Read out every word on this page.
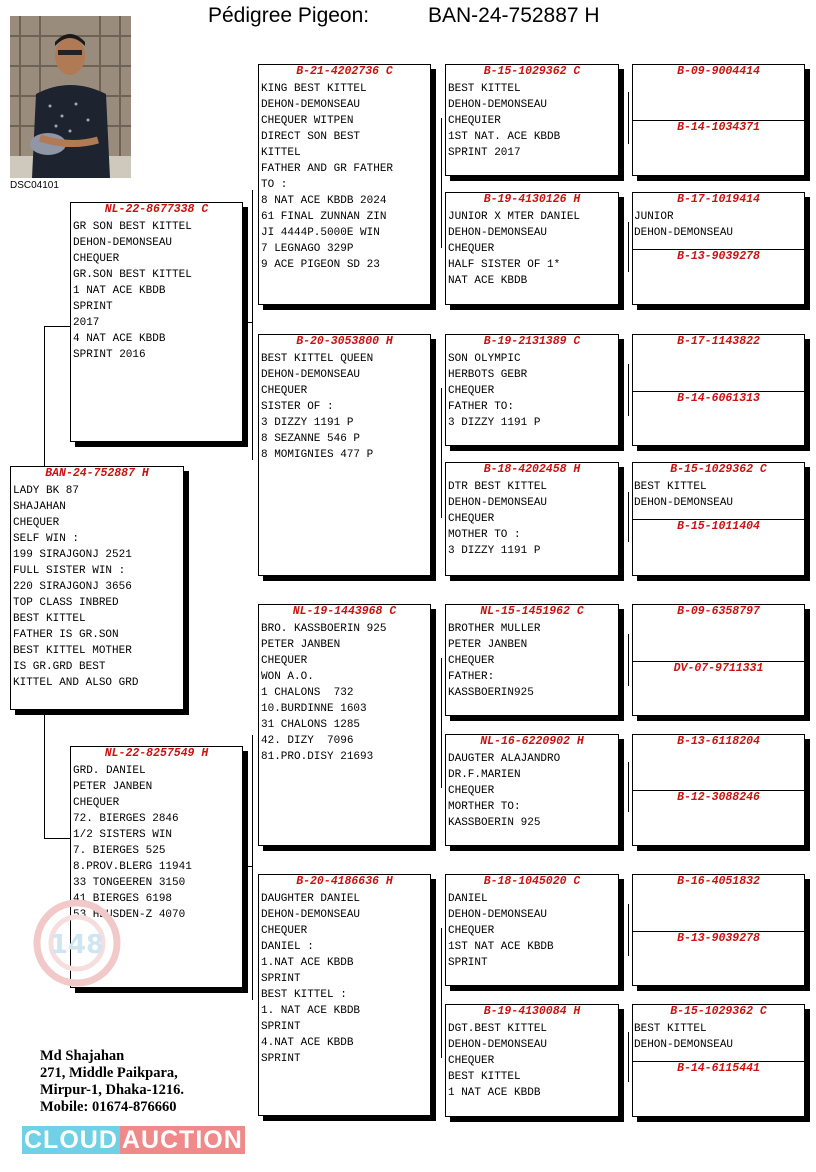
Pédigree Pigeon:	BAN-24-752887 H
DSC04101
BAN-24-752887 H
LADY BK 87
SHAJAHAN
CHEQUER
SELF WIN :
199 SIRAJGONJ 2521
FULL SISTER WIN :
220 SIRAJGONJ 3656
TOP CLASS INBRED
BEST KITTEL
FATHER IS GR.SON
BEST KITTEL MOTHER
IS GR.GRD BEST
KITTEL AND ALSO GRD
NL-22-8677338 C
GR SON BEST KITTEL
DEHON-DEMONSEAU
CHEQUER
GR.SON BEST KITTEL
1 NAT ACE KBDB
SPRINT
2017
4 NAT ACE KBDB
SPRINT 2016
NL-22-8257549 H
GRD. DANIEL
PETER JANBEN
CHEQUER
72. BIERGES 2846
1/2 SISTERS WIN
7. BIERGES 525
8.PROV.BLERG 11941
33 TONGEEREN 3150
41 BIERGES 6198
53 HEUSDEN-Z 4070
B-21-4202736 C
KING BEST KITTEL
DEHON-DEMONSEAU
CHEQUER WITPEN
DIRECT SON BEST
KITTEL
FATHER AND GR FATHER
TO :
8 NAT ACE KBDB 2024
61 FINAL ZUNNAN ZIN
JI 4444P.5000E WIN
7 LEGNAGO 329P
9 ACE PIGEON SD 23
B-20-3053800 H
BEST KITTEL QUEEN
DEHON-DEMONSEAU
CHEQUER
SISTER OF :
3 DIZZY 1191 P
8 SEZANNE 546 P
8 MOMIGNIES 477 P
NL-19-1443968 C
BRO. KASSBOERIN 925
PETER JANBEN
CHEQUER
WON A.O.
1 CHALONS  732
10.BURDINNE 1603
31 CHALONS 1285
42. DIZY  7096
81.PRO.DISY 21693
B-20-4186636 H
DAUGHTER DANIEL
DEHON-DEMONSEAU
CHEQUER
DANIEL :
1.NAT ACE KBDB
SPRINT
BEST KITTEL :
1. NAT ACE KBDB
SPRINT
4.NAT ACE KBDB
SPRINT
B-15-1029362 C
BEST KITTEL
DEHON-DEMONSEAU
CHEQUIER
1ST NAT. ACE KBDB
SPRINT 2017
B-19-4130126 H
JUNIOR X MTER DANIEL
DEHON-DEMONSEAU
CHEQUER
HALF SISTER OF 1*
NAT ACE KBDB
B-19-2131389 C
SON OLYMPIC
HERBOTS GEBR
CHEQUER
FATHER TO:
3 DIZZY 1191 P
B-18-4202458 H
DTR BEST KITTEL
DEHON-DEMONSEAU
CHEQUER
MOTHER TO :
3 DIZZY 1191 P
NL-15-1451962 C
BROTHER MULLER
PETER JANBEN
CHEQUER
FATHER:
KASSBOERIN925
NL-16-6220902 H
DAUGTER ALAJANDRO
DR.F.MARIEN
CHEQUER
MORTHER TO:
KASSBOERIN 925
B-18-1045020 C
DANIEL
DEHON-DEMONSEAU
CHEQUER
1ST NAT ACE KBDB
SPRINT
B-19-4130084 H
DGT.BEST KITTEL
DEHON-DEMONSEAU
CHEQUER
BEST KITTEL
1 NAT ACE KBDB
B-09-9004414
B-14-1034371
B-17-1019414
JUNIOR
DEHON-DEMONSEAU
B-13-9039278
B-17-1143822
B-14-6061313
B-15-1029362 C
BEST KITTEL
DEHON-DEMONSEAU
B-15-1011404
B-09-6358797
DV-07-9711331
B-13-6118204
B-12-3088246
B-16-4051832
B-13-9039278
B-15-1029362 C
BEST KITTEL
DEHON-DEMONSEAU
B-14-6115441
148
Md Shajahan
271, Middle Paikpara,
Mirpur-1, Dhaka-1216.
Mobile: 01674-876660
CLOUD AUCTION
